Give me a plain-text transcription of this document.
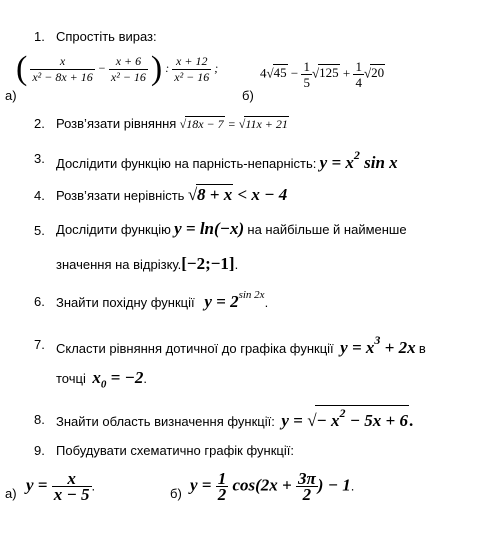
1. Спростіть вираз:
а)
( $\frac{x}{\text{x² − 8x + 16}} - \frac{x + 6}{\text{x² − 16}}$ ) : $\frac{x + 12}{\text{x² − 16}}$ ;
б)
$4√45 - \frac{1}{5} √125 + \frac{1}{4} √20$
2. Розв’язати рівняння √18x − 7 = √11x + 21
3. Дослідити функцію на парність-непарність: $y = x^2$ sin x
4. Розв’язати нерівність √8 + x < x − 4
5. Дослідити функцію y = ln(−x) на найбільше й найменше
значення на відрізку.[−2;−1].
6. Знайти похідну функції $y = 2^{sin 2x}$.
7. Скласти рівняння дотичної до графіка функції $y = x^3 + 2x$ в
точці $x_0 = -2$.
8. Знайти область визначення функції: y = √− $x^2 - 5x + 6$.
9. Побудувати схематично графік функції:
а) $y = \frac{x}{x - 5}$ .
б) $y = \frac{1}{2} \cos(2x + \frac{3\pi}{2}$ ) − 1.
